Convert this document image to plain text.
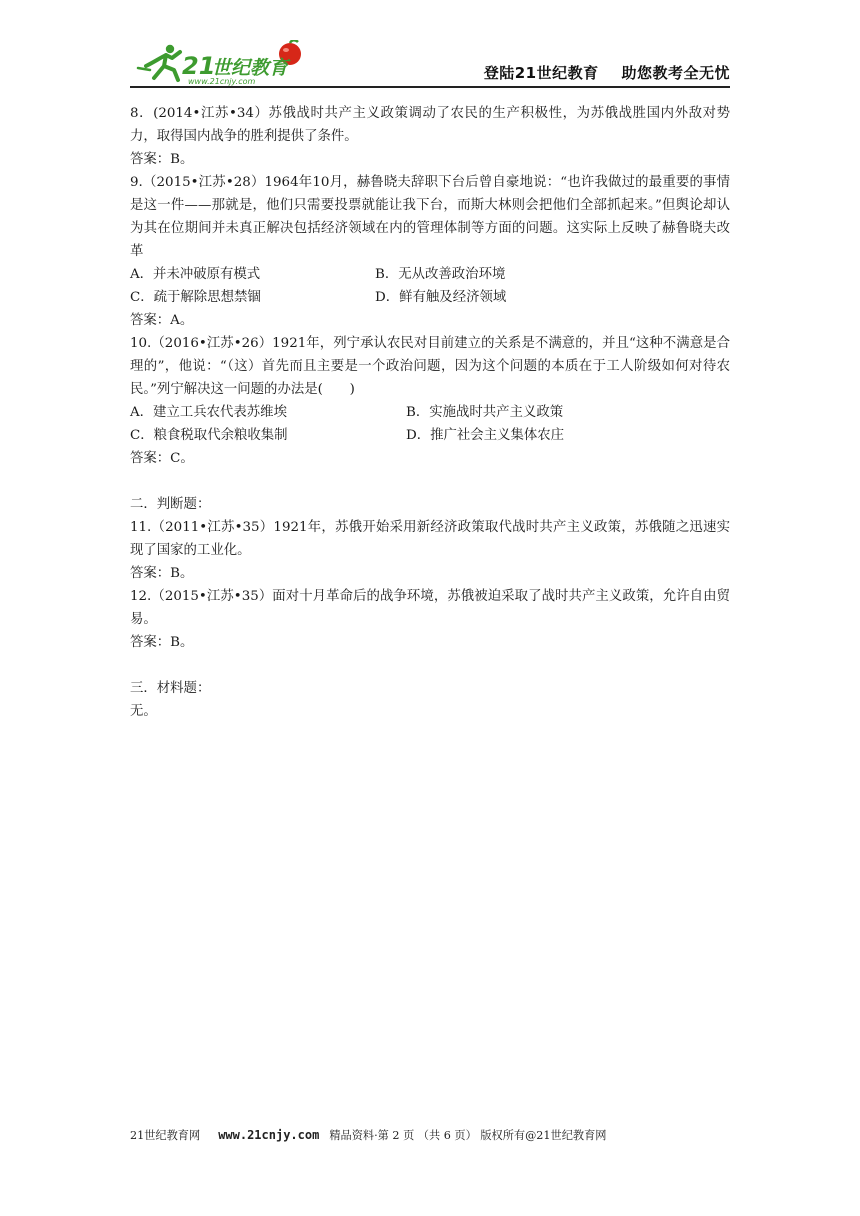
21
世纪教育
www.21cnjy.com	登陆21世纪教育    助您教考全无忧

8．(2014•江苏•34）苏俄战时共产主义政策调动了农民的生产积极性，为苏俄战胜国内外敌对势力，取得国内战争的胜利提供了条件。

答案：B。

9.（2015•江苏•28）1964年10月，赫鲁晓夫辞职下台后曾自豪地说：“也许我做过的最重要的事情是这一件——那就是，他们只需要投票就能让我下台，而斯大林则会把他们全部抓起来。”但舆论却认为其在位期间并未真正解决包括经济领域在内的管理体制等方面的问题。这实际上反映了赫鲁晓夫改革

A．并未冲破原有模式	B．无从改善政治环境
C．疏于解除思想禁锢	D．鲜有触及经济领域

答案：A。

10.（2016•江苏•26）1921年，列宁承认农民对目前建立的关系是不满意的，并且“这种不满意是合理的”，他说：“（这）首先而且主要是一个政治问题，因为这个问题的本质在于工人阶级如何对待农民。”列宁解决这一问题的办法是(　　)

A．建立工兵农代表苏维埃	B．实施战时共产主义政策
C．粮食税取代余粮收集制	D．推广社会主义集体农庄

答案：C。

二．判断题：

11.（2011•江苏•35）1921年，苏俄开始采用新经济政策取代战时共产主义政策，苏俄随之迅速实现了国家的工业化。

答案：B。

12.（2015•江苏•35）面对十月革命后的战争环境，苏俄被迫采取了战时共产主义政策，允许自由贸易。

答案：B。

三．材料题：

无。

21世纪教育网 www.21cnjy.com 精品资料·第 2 页 （共 6 页） 版权所有@21世纪教育网
